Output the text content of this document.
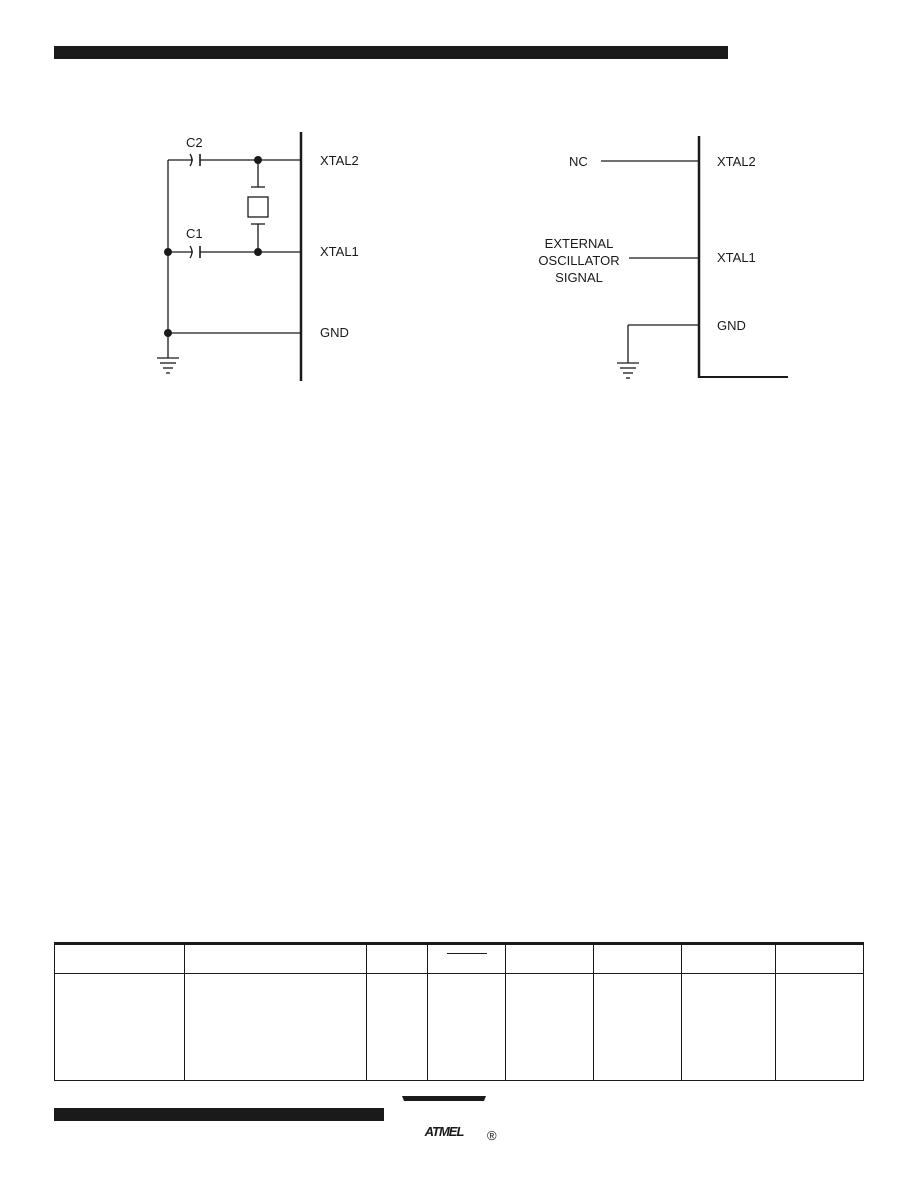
C2
C1
XTAL2
XTAL1
GND
NC
EXTERNAL
OSCILLATOR
SIGNAL
XTAL2
XTAL1
GND
ATMEL ®
